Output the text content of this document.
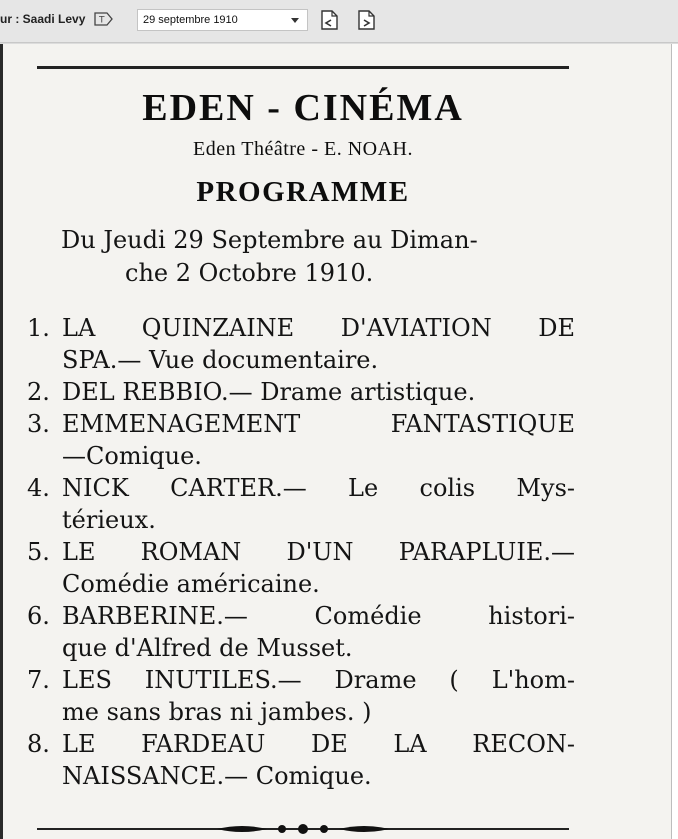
ur : Saadi Levy T	29 septembre 1910
EDEN - CINÉMA
Eden Théâtre - E. NOAH.
PROGRAMME
Du Jeudi 29 Septembre au Diman-
che 2 Octobre 1910.
1. LA QUINZAINE D'AVIATION DE
SPA.— Vue documentaire.
2. DEL REBBIO.— Drame artistique.
3. EMMENAGEMENT FANTASTIQUE
—Comique.
4. NICK CARTER.— Le colis Mys-
térieux.
5. LE ROMAN D'UN PARAPLUIE.—
Comédie américaine.
6. BARBERINE.— Comédie histori-
que d'Alfred de Musset.
7. LES INUTILES.— Drame ( L'hom-
me sans bras ni jambes. )
8. LE FARDEAU DE LA RECON-
NAISSANCE.— Comique.
